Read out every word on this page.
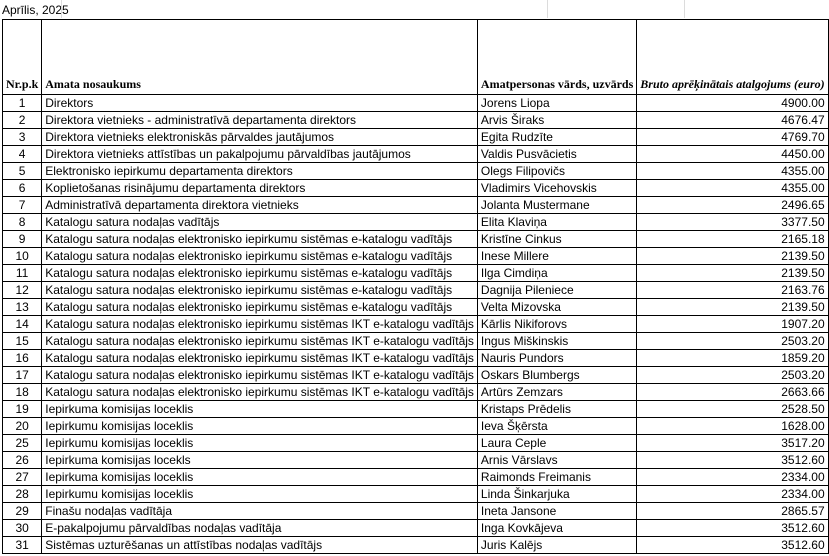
Aprīlis, 2025
Nr.p.k	Amata nosaukums	Amatpersonas vārds, uzvārds	Bruto aprēķinātais atalgojums (euro)
1	Direktors	Jorens Liopa	4900.00
2	Direktora vietnieks - administratīvā departamenta direktors	Arvis Širaks	4676.47
3	Direktora vietnieks elektroniskās pārvaldes jautājumos	Egita Rudzīte	4769.70
4	Direktora vietnieks attīstības un pakalpojumu pārvaldības jautājumos	Valdis Pusvācietis	4450.00
5	Elektronisko iepirkumu departamenta direktors	Olegs Filipovičs	4355.00
6	Koplietošanas risinājumu departamenta direktors	Vladimirs Vicehovskis	4355.00
7	Administratīvā departamenta direktora vietnieks	Jolanta Mustermane	2496.65
8	Katalogu satura nodaļas vadītājs	Elita Klaviņa	3377.50
9	Katalogu satura nodaļas elektronisko iepirkumu sistēmas e-katalogu vadītājs	Kristīne Cinkus	2165.18
10	Katalogu satura nodaļas elektronisko iepirkumu sistēmas e-katalogu vadītājs	Inese Millere	2139.50
11	Katalogu satura nodaļas elektronisko iepirkumu sistēmas e-katalogu vadītājs	Ilga Cimdiņa	2139.50
12	Katalogu satura nodaļas elektronisko iepirkumu sistēmas e-katalogu vadītājs	Dagnija Pileniece	2163.76
13	Katalogu satura nodaļas elektronisko iepirkumu sistēmas e-katalogu vadītājs	Velta Mizovska	2139.50
14	Katalogu satura nodaļas elektronisko iepirkumu sistēmas IKT e-katalogu vadītājs	Kārlis Nikiforovs	1907.20
15	Katalogu satura nodaļas elektronisko iepirkumu sistēmas IKT e-katalogu vadītājs	Ingus Miškinskis	2503.20
16	Katalogu satura nodaļas elektronisko iepirkumu sistēmas IKT e-katalogu vadītājs	Nauris Pundors	1859.20
17	Katalogu satura nodaļas elektronisko iepirkumu sistēmas IKT e-katalogu vadītājs	Oskars Blumbergs	2503.20
18	Katalogu satura nodaļas elektronisko iepirkumu sistēmas IKT e-katalogu vadītājs	Artūrs Zemzars	2663.66
19	Iepirkuma komisijas loceklis	Kristaps Prēdelis	2528.50
20	Iepirkumu komisijas loceklis	Ieva Šķērsta	1628.00
25	Iepirkumu komisijas loceklis	Laura Ceple	3517.20
26	Iepirkuma komisijas locekls	Arnis Vārslavs	3512.60
27	Iepirkuma komisijas loceklis	Raimonds Freimanis	2334.00
28	Iepirkumu komisijas loceklis	Linda Šinkarjuka	2334.00
29	Finašu nodaļas vadītāja	Ineta Jansone	2865.57
30	E-pakalpojumu pārvaldības nodaļas vadītāja	Inga Kovkājeva	3512.60
31	Sistēmas uzturēšanas un attīstības nodaļas vadītājs	Juris Kalējs	3512.60
